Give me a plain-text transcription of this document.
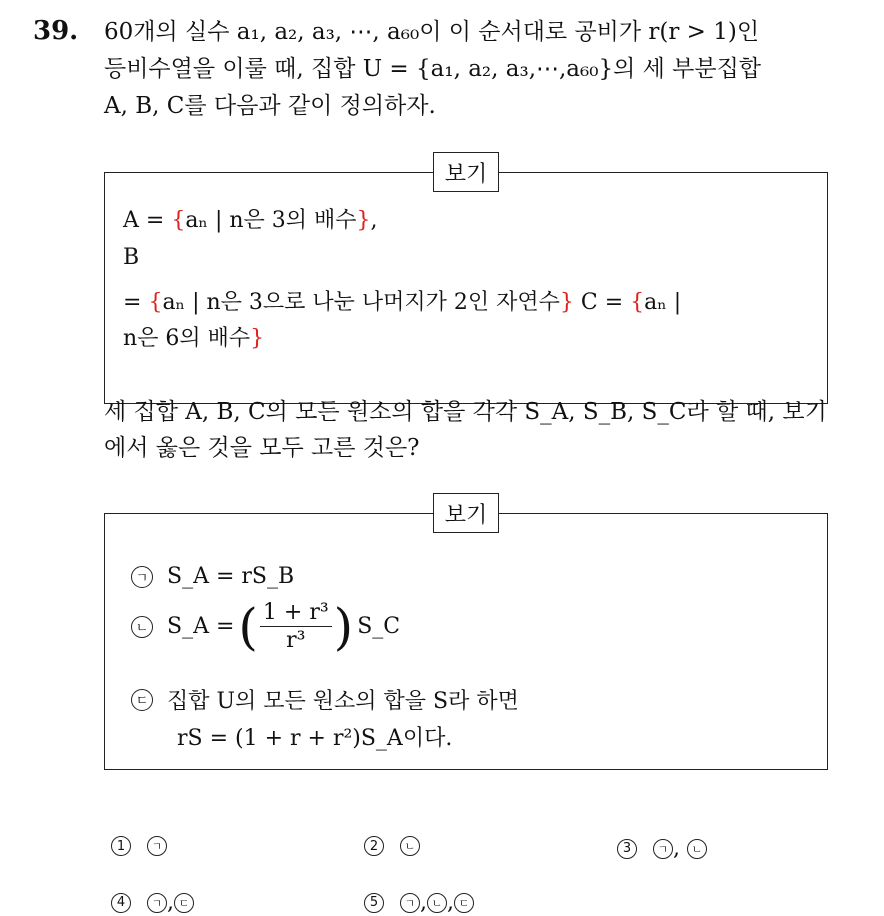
39. 60개의 실수 a₁, a₂, a₃, ⋯, a₆₀이 이 순서대로 공비가 r(r > 1)인
등비수열을 이룰 때, 집합 U = {a₁, a₂, a₃,⋯,a₆₀}의 세 부분집합
A, B, C를 다음과 같이 정의하자.
보기
A = {aₙ | n은 3의 배수},
B
= {aₙ | n은 3으로 나눈 나머지가 2인 자연수} C = {aₙ |
n은 6의 배수}
세 집합 A, B, C의 모든 원소의 합을 각각 S_A, S_B, S_C라 할 때, 보기
에서 옳은 것을 모두 고른 것은?
보기
ㄱ S_A = rS_B
ㄴ S_A = ( $\frac{\text{1 + r³}}{\text{r³}}$ ) S_C
ㄷ 집합 U의 모든 원소의 합을 S라 하면
rS = (1 + r + r²)S_A이다.
1	ㄱ	2	ㄴ	3	ㄱ , ㄴ
4	ㄱ , ㄷ	5	ㄱ , ㄴ , ㄷ
